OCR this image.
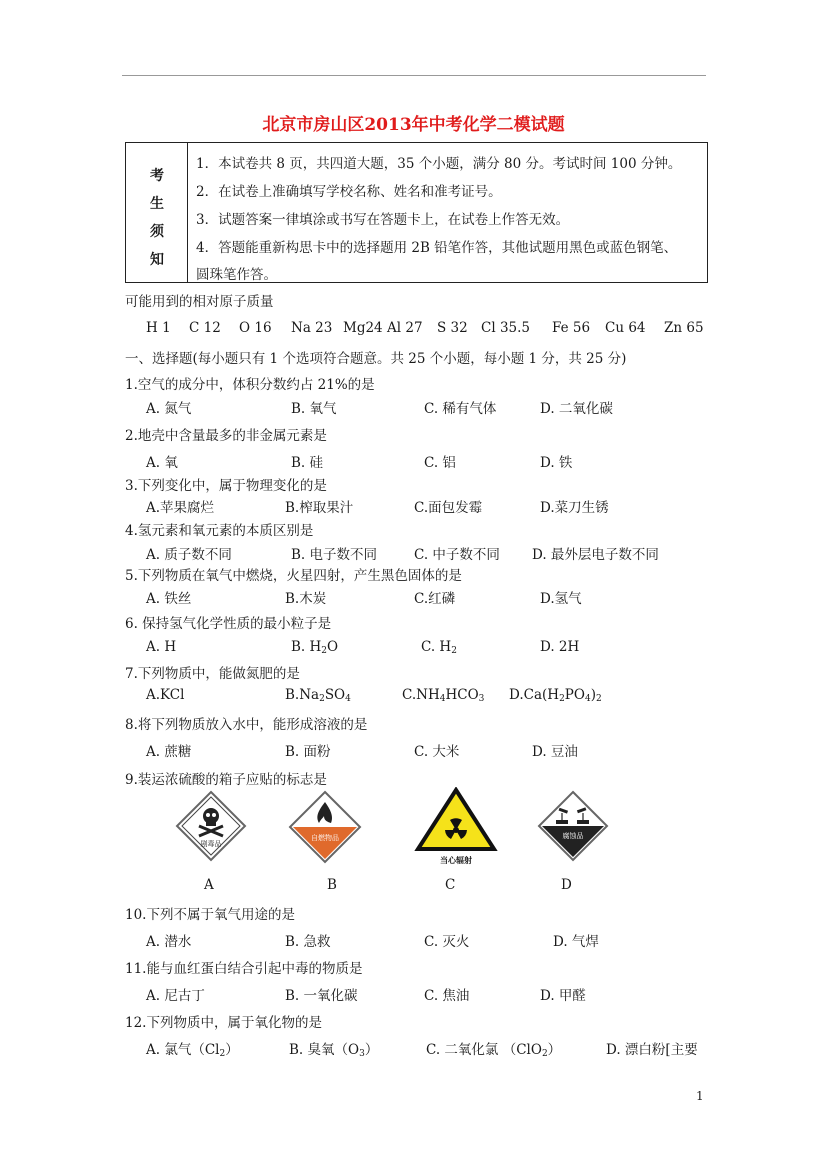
北京市房山区2013年中考化学二模试题
考
生
须
知
1．本试卷共 8 页，共四道大题，35 个小题，满分 80 分。考试时间 100 分钟。
2．在试卷上准确填写学校名称、姓名和准考证号。
3．试题答案一律填涂或书写在答题卡上，在试卷上作答无效。
4．答题能重新构思卡中的选择题用 2B 铅笔作答，其他试题用黑色或蓝色钢笔、
圆珠笔作答。
可能用到的相对原子质量
H 1 C 12 O 16 Na 23 Mg24 Al 27 S 32 Cl 35.5 Fe 56 Cu 64 Zn 65
一、选择题(每小题只有 1 个选项符合题意。共 25 个小题，每小题 1 分，共 25 分)
1.空气的成分中，体积分数约占 21%的是
A. 氮气	B. 氧气	C. 稀有气体	D. 二氧化碳
2.地壳中含量最多的非金属元素是
A. 氧	B. 硅	C. 铝	D. 铁
3.下列变化中，属于物理变化的是
A.苹果腐烂	B.榨取果汁	C.面包发霉	D.菜刀生锈
4.氢元素和氧元素的本质区别是
A. 质子数不同	B. 电子数不同	C. 中子数不同 D. 最外层电子数不同
5.下列物质在氧气中燃烧，火星四射，产生黑色固体的是
A. 铁丝	B.木炭	C.红磷	D.氢气
6. 保持氢气化学性质的最小粒子是
A. H	B. $H_2O$	C. $H_2$	D. 2H
7.下列物质中，能做氮肥的是
A.KCl	$B.Na_2SO_4$	$C.NH_4HCO_3$ $D.Ca(H_2PO_4)_2$
8.将下列物质放入水中，能形成溶液的是
A. 蔗糖	B. 面粉	C. 大米	D. 豆油
9.装运浓硫酸的箱子应贴的标志是
剧毒品
自燃物品
当心辐射
腐蚀品
A	B	C	D
10.下列不属于氧气用途的是
A. 潜水	B. 急救	C. 灭火	D. 气焊
11.能与血红蛋白结合引起中毒的物质是
A. 尼古丁	B. 一氧化碳	C. 焦油	D. 甲醛
12.下列物质中，属于氧化物的是
A. 氯气$(Cl_2)$	B. 臭氧$(O_3)$	C. 二氧化氯 （ClO$_2$）	D. 漂白粉[主要
1
